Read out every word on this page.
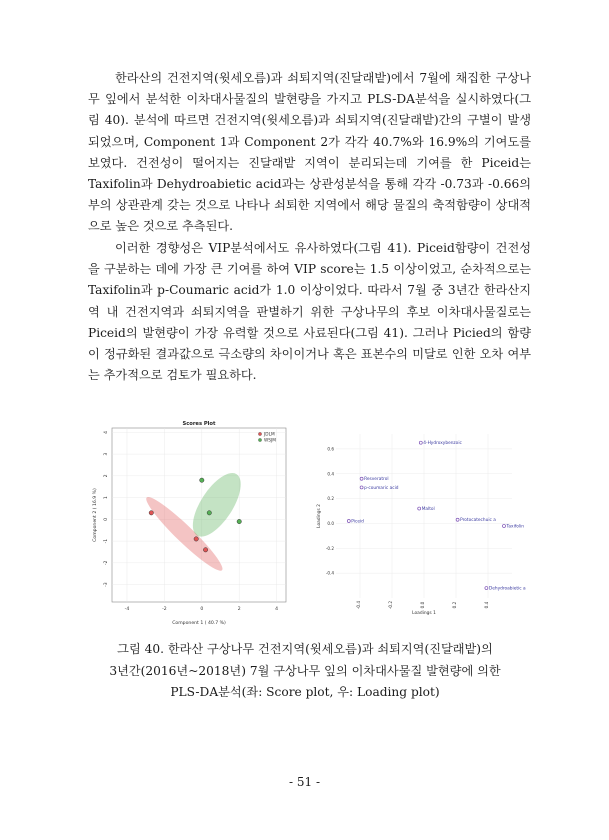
한라산의 건전지역(윗세오름)과 쇠퇴지역(진달래밭)에서 7월에 채집한 구상나무 잎에서 분석한 이차대사물질의 발현량을 가지고 PLS-DA분석을 실시하였다(그림 40). 분석에 따르면 건전지역(윗세오름)과 쇠퇴지역(진달래밭)간의 구별이 발생되었으며, Component 1과 Component 2가 각각 40.7%와 16.9%의 기여도를 보였다. 건전성이 떨어지는 진달래밭 지역이 분리되는데 기여를 한 Piceid는 Taxifolin과 Dehydroabietic acid과는 상관성분석을 통해 각각 -0.73과 -0.66의 부의 상관관계 갖는 것으로 나타나 쇠퇴한 지역에서 해당 물질의 축적함량이 상대적으로 높은 것으로 추측된다.

이러한 경향성은 VIP분석에서도 유사하였다(그림 41). Piceid함량이 건전성을 구분하는 데에 가장 큰 기여를 하여 VIP score는 1.5 이상이었고, 순차적으로는 Taxifolin과 p-Coumaric acid가 1.0 이상이었다. 따라서 7월 중 3년간 한라산지역 내 건전지역과 쇠퇴지역을 판별하기 위한 구상나무의 후보 이차대사물질로는 Piceid의 발현량이 가장 유력할 것으로 사료된다(그림 41). 그러나 Picied의 함량이 정규화된 결과값으로 극소량의 차이이거나 혹은 표본수의 미달로 인한 오차 여부는 추가적으로 검토가 필요하다.

Scores Plot
-4	-2	0	2	4
-3
-2
-1
0
1
2
3
4
Component 1 ( 40.7 %)
Component 2 ( 16.9 %)
JDLM
WSJM
-0.4	-0.2	0.0	0.2	0.4
-0.4
-0.2
0.0
0.2
0.4
0.6
Loadings 1
Loadings 2
4-Hydroxybenzoic
Resveratrol
p-coumaric acid
Maltol
Protocatechuic a
Taxifolin
Piceid
Dehydroabietic a
그림 40. 한라산 구상나무 건전지역(윗세오름)과 쇠퇴지역(진달래밭)의
3년간(2016년~2018년) 7월 구상나무 잎의 이차대사물질 발현량에 의한
PLS-DA분석(좌: Score plot, 우: Loading plot)
- 51 -
